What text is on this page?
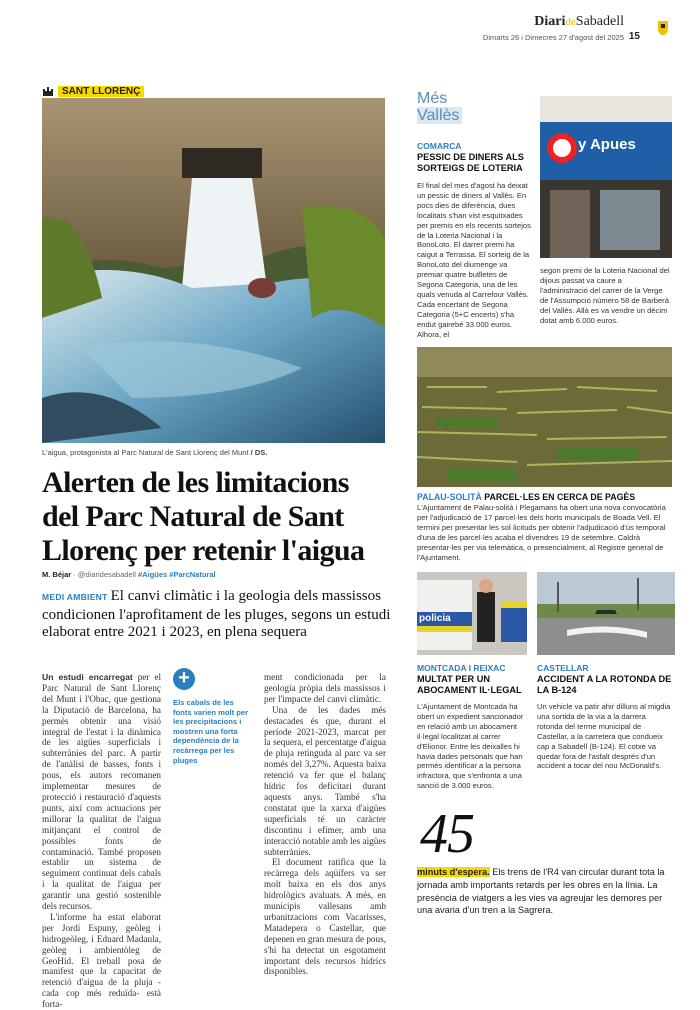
DiarideSabadell
Dimarts 26 i Dimecres 27 d'agost del 2025 15
SANT LLORENÇ
L'aigua, protagonista al Parc Natural de Sant Llorenç del Munt / DS.
Alerten de les limitacions del Parc Natural de Sant Llorenç per retenir l'aigua
M. Béjar · @diaridesabadell #Aigües #ParcNatural
MEDI AMBIENT El canvi climàtic i la geologia dels massissos condicionen l'aprofitament de les pluges, segons un estudi elaborat entre 2021 i 2023, en plena sequera

Un estudi encarregat per el Parc Natural de Sant Llorenç del Munt i l'Obac, que gestiona la Diputació de Barcelona, ha permès obtenir una visió integral de l'estat i la dinàmica de les aigües superficials i subterrànies del parc. A partir de l'anàlisi de basses, fonts i pous, els autors recomanen implementar mesures de protecció i restauració d'aquests punts, així com actuacions per millorar la qualitat de l'aigua mitjançant el control de possibles fonts de contaminació. També proposen establir un sistema de seguiment continuat dels cabals i la qualitat de l'aigua per garantir una gestió sostenible dels recursos.

L'informe ha estat elaborat per Jordi Espuny, geòleg i hidrogeòleg, i Eduard Madaula, geòleg i ambientòleg de GeoHid. El treball posa de manifest que la capacitat de retenció d'aigua de la pluja -cada cop més reduïda- està forta-

+
Els cabals de les fonts varien molt per les precipitacions i mostren una forta dependència de la recàrrega per les pluges

ment condicionada per la geologia pròpia dels massissos i per l'impacte del canvi climàtic.

Una de les dades més destacades és que, durant el període 2021-2023, marcat per la sequera, el percentatge d'aigua de pluja retinguda al parc va ser només del 3,27%. Aquesta baixa retenció va fer que el balanç hídric fos deficitari durant aquests anys. També s'ha constatat que la xarxa d'aigües superficials té un caràcter discontinu i efímer, amb una interacció notable amb les aigües subterrànies.

El document ratifica que la recàrrega dels aqüífers va ser molt baixa en els dos anys hidrològics avaluats. A més, en municipis vallesans amb urbanitzacions com Vacarisses, Matadepera o Castellar, que depenen en gran mesura de pous, s'hi ha detectat un esgotament important dels recursos hídrics disponibles.

Més
Vallès
COMARCA
PESSIC DE DINERS ALS SORTEIGS DE LOTERIA
El final del mes d'agost ha deixat un pessic de diners al Vallès. En pocs dies de diferència, dues localitats s'han vist esquitxades per premis en els recents sortejos de la Loteria Nacional i la BonoLoto. El darrer premi ha caigut a Terrassa. El sorteig de la BonoLoto del diumenge va premiar quatre butlletes de Segona Categoria, una de les quals venuda al Carrefour Vallès. Cada encertant de Segona Categoria (5+C encerts) s'ha endut gairebé 33.000 euros. Alhora, el
y Apues
segon premi de la Loteria Nacional del dijous passat va caure a l'administració del carrer de la Verge de l'Assumpció número 58 de Barberà del Vallès. Allà es va vendre un dècim dotat amb 6.000 euros.
PALAU-SOLITÀ PARCEL·LES EN CERCA DE PAGÈS
L'Ajuntament de Palau-solità i Plegamans ha obert una nova convocatòria per l'adjudicació de 17 parcel·les dels horts municipals de Boada Vell. El termini per presentar les sol·licituds per obtenir l'adjudicació d'ús temporal d'una de les parcel·les acaba el divendres 19 de setembre. Caldrà presentar-les per via telemàtica, o presencialment, al Registre general de l'Ajuntament.
policia
MONTCADA I REIXAC
MULTAT PER UN ABOCAMENT IL·LEGAL
L'Ajuntament de Montcada ha obert un expedient sancionador en relació amb un abocament il·legal localitzat al carrer d'Elionor. Entre les deixalles hi havia dades personals que han permès identificar a la persona infractora, que s'enfronta a una sanció de 3.000 euros.
CASTELLAR
ACCIDENT A LA ROTONDA DE LA B-124
Un vehicle va patir ahir dilluns al migdia una sortida de la via a la darrera rotonda del terme municipal de Castellar, a la carretera que condueix cap a Sabadell (B-124). El cotxe va quedar fora de l'asfalt després d'un accident a tocar del nou McDonald's.
45
minuts d'espera. Els trens de l'R4 van circular durant tota la jornada amb importants retards per les obres en la línia. La presència de viatgers a les vies va agreujar les demores per una avaria d'un tren a la Sagrera.
